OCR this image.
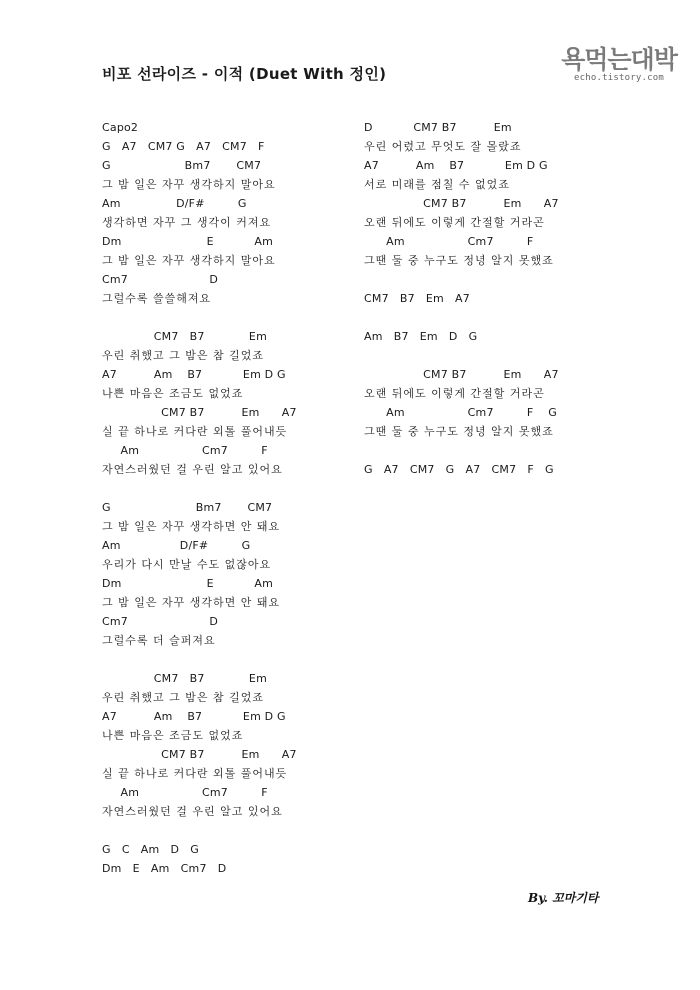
비포 선라이즈 - 이적 (Duet With 정인)	욕먹는대박
echo.tistory.com
Capo2
G   A7   CM7 G   A7   CM7   F
G                    Bm7       CM7
그 밤 일은 자꾸 생각하지 말아요
Am               D/F#         G
생각하면 자꾸 그 생각이 커져요
Dm                       E           Am
그 밤 일은 자꾸 생각하지 말아요
Cm7                      D
그럴수록 쓸쓸해져요
CM7   B7            Em
우린 취했고 그 밤은 참 길었죠
A7          Am    B7           Em D G
나쁜 마음은 조금도 없었죠
CM7 B7          Em      A7
실 끝 하나로 커다란 외톨 풀어내듯
Am                 Cm7         F
자연스러웠던 걸 우린 알고 있어요
G                       Bm7       CM7
그 밤 일은 자꾸 생각하면 안 돼요
Am                D/F#         G
우리가 다시 만날 수도 없잖아요
Dm                       E           Am
그 밤 일은 자꾸 생각하면 안 돼요
Cm7                      D
그럴수록 더 슬퍼져요
CM7   B7            Em
우린 취했고 그 밤은 참 길었죠
A7          Am    B7           Em D G
나쁜 마음은 조금도 없었죠
CM7 B7          Em      A7
실 끝 하나로 커다란 외톨 풀어내듯
Am                 Cm7         F
자연스러웠던 걸 우린 알고 있어요
G   C   Am   D   G
Dm   E   Am   Cm7   D
D           CM7 B7          Em
우린 어렸고 무엇도 잘 몰랐죠
A7          Am    B7           Em D G
서로 미래를 점칠 수 없었죠
CM7 B7          Em      A7
오랜 뒤에도 이렇게 간절할 거라곤
Am                 Cm7         F
그땐 둘 중 누구도 정녕 알지 못했죠
CM7   B7   Em   A7
Am   B7   Em   D   G
CM7 B7          Em      A7
오랜 뒤에도 이렇게 간절할 거라곤
Am                 Cm7         F    G
그땐 둘 중 누구도 정녕 알지 못했죠
G   A7   CM7   G   A7   CM7   F   G
By. 꼬마기타
